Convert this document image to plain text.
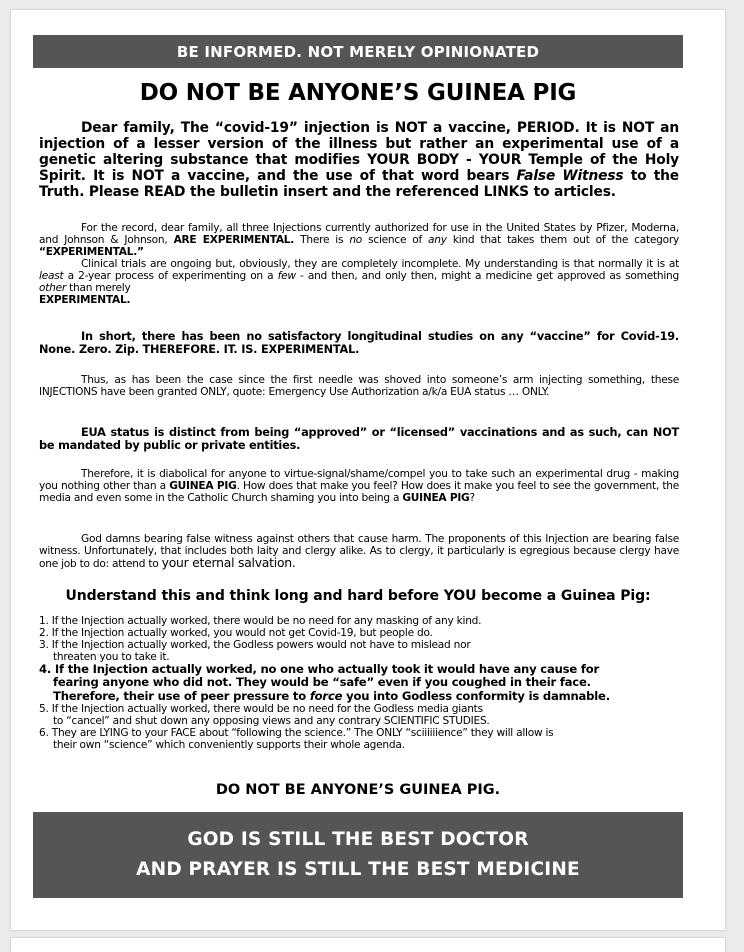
BE INFORMED. NOT MERELY OPINIONATED
DO NOT BE ANYONE’S GUINEA PIG

Dear family, The “covid-19” injection is NOT a vaccine, PERIOD. It is NOT an injection of a lesser version of the illness but rather an experimental use of a genetic altering substance that modifies YOUR BODY - YOUR Temple of the Holy Spirit. It is NOT a vaccine, and the use of that word bears False Witness to the Truth. Please READ the bulletin insert and the referenced LINKS to articles.

For the record, dear family, all three Injections currently authorized for use in the United States by Pfizer, Moderna, and Johnson & Johnson, ARE EXPERIMENTAL. There is no science of any kind that takes them out of the category “EXPERIMENTAL.”
Clinical trials are ongoing but, obviously, they are completely incomplete. My understanding is that normally it is at least a 2-year process of experimenting on a few - and then, and only then, might a medicine get approved as something other than merely
EXPERIMENTAL.

In short, there has been no satisfactory longitudinal studies on any “vaccine” for Covid-19. None. Zero. Zip. THEREFORE. IT. IS. EXPERIMENTAL.

Thus, as has been the case since the first needle was shoved into someone’s arm injecting something, these INJECTIONS have been granted ONLY, quote: Emergency Use Authorization a/k/a EUA status … ONLY.

EUA status is distinct from being “approved” or “licensed” vaccinations and as such, can NOT be mandated by public or private entities.

Therefore, it is diabolical for anyone to virtue-signal/shame/compel you to take such an experimental drug - making you nothing other than a GUINEA PIG. How does that make you feel? How does it make you feel to see the government, the media and even some in the Catholic Church shaming you into being a GUINEA PIG?

God damns bearing false witness against others that cause harm. The proponents of this Injection are bearing false witness. Unfortunately, that includes both laity and clergy alike. As to clergy, it particularly is egregious because clergy have one job to do: attend to your eternal salvation.

Understand this and think long and hard before YOU become a Guinea Pig:
1. If the Injection actually worked, there would be no need for any masking of any kind.
2. If the Injection actually worked, you would not get Covid-19, but people do.
3. If the Injection actually worked, the Godless powers would not have to mislead nor
threaten you to take it.
4. If the Injection actually worked, no one who actually took it would have any cause for
fearing anyone who did not. They would be “safe” even if you coughed in their face.
Therefore, their use of peer pressure to force you into Godless conformity is damnable.
5. If the Injection actually worked, there would be no need for the Godless media giants
to “cancel” and shut down any opposing views and any contrary SCIENTIFIC STUDIES.
6. They are LYING to your FACE about “following the science.” The ONLY “sciiiiiience” they will allow is
their own “science” which conveniently supports their whole agenda.
DO NOT BE ANYONE’S GUINEA PIG.
GOD IS STILL THE BEST DOCTOR
AND PRAYER IS STILL THE BEST MEDICINE
